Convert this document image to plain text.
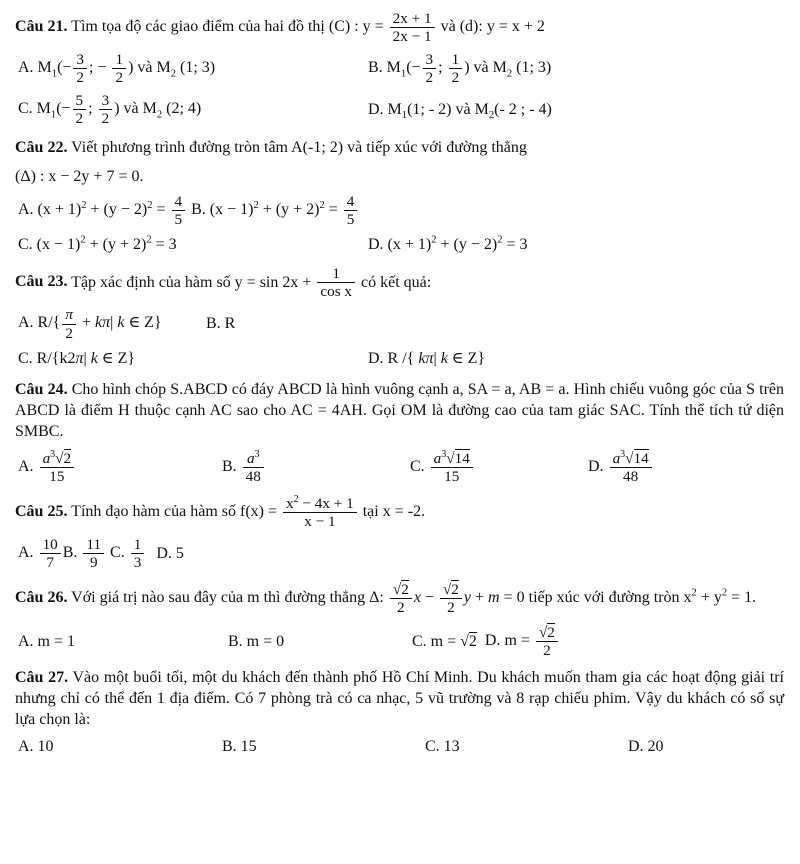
Câu 21. Tìm tọa độ các giao điểm của hai đồ thị (C) : $y = \frac{2x + 1}{2x - 1}$ và (d): y = x + 2

A. $M_1(- \frac{3}{2}$ ; − $\frac{1}{2}$ ) và $M_2$ (1; 3)	B. $M_1(- \frac{3}{2}$ ; $\frac{1}{2}$ ) và $M_2$ (1; 3)
C. $M_1(- \frac{5}{2}$ ; $\frac{3}{2}$ ) và $M_2$ (2; 4)	D. $M_1(1$; - 2) và $M_2(-$ 2 ; - 4)

Câu 22. Viết phương trình đường tròn tâm A(-1; 2) và tiếp xúc với đường thẳng

(Δ) : x − 2y + 7 = 0.

A. $(x + 1)^2 + (y - 2)^2 = \frac{4}{5} B$. $(x - 1)^2 + (y + 2)^2 = \frac{4}{5}$
C. $(x - 1)^2 + (y + 2)^2 = 3$	D. $(x + 1)^2 + (y - 2)^2 = 3$

Câu 23. Tập xác định của hàm số $y = \sin 2x + \frac{1}{\text{cos x}}$ có kết quả:

A. $R/\{ \frac{\pi}{2} + k\pi|$ k ∈ Z}	B. R
C. R/{k2π| k ∈ Z}	D. R /{ kπ| k ∈ Z}

Câu 24. Cho hình chóp S.ABCD có đáy ABCD là hình vuông cạnh a, SA = a, AB = a. Hình chiếu vuông góc của S trên ABCD là điểm H thuộc cạnh AC sao cho AC = 4AH. Gọi OM là đường cao của tam giác SAC. Tính thể tích tứ diện SMBC.

A. $\frac{a^3√2}{15}$	B. $\frac{a^3}{48}$	C. $\frac{a^3√14}{15}$	D. $\frac{a^3√14}{48}$

Câu 25. Tính đạo hàm của hàm số $f(x) = \frac{x^2 - 4x + 1}{x - 1}$ tại x = -2.

A. $\frac{10}{7} B$. $\frac{11}{9} C$. $\frac{1}{3} D$. 5

Câu 26. Với giá trị nào sau đây của m thì đường thẳng Δ: $\frac{√2}{2}$ $x - \frac{√2}{2}$ y + m = 0 tiếp xúc với đường tròn $x^2 + y^2 = 1$.

A. m = 1	B. m = 0	C. m = √2 D. $m = \frac{√2}{2}$

Câu 27. Vào một buổi tối, một du khách đến thành phố Hồ Chí Minh. Du khách muốn tham gia các hoạt động giải trí nhưng chỉ có thể đến 1 địa điểm. Có 7 phòng trà có ca nhạc, 5 vũ trường và 8 rạp chiếu phim. Vậy du khách có số sự lựa chọn là:

A. 10	B. 15	C. 13	D. 20
